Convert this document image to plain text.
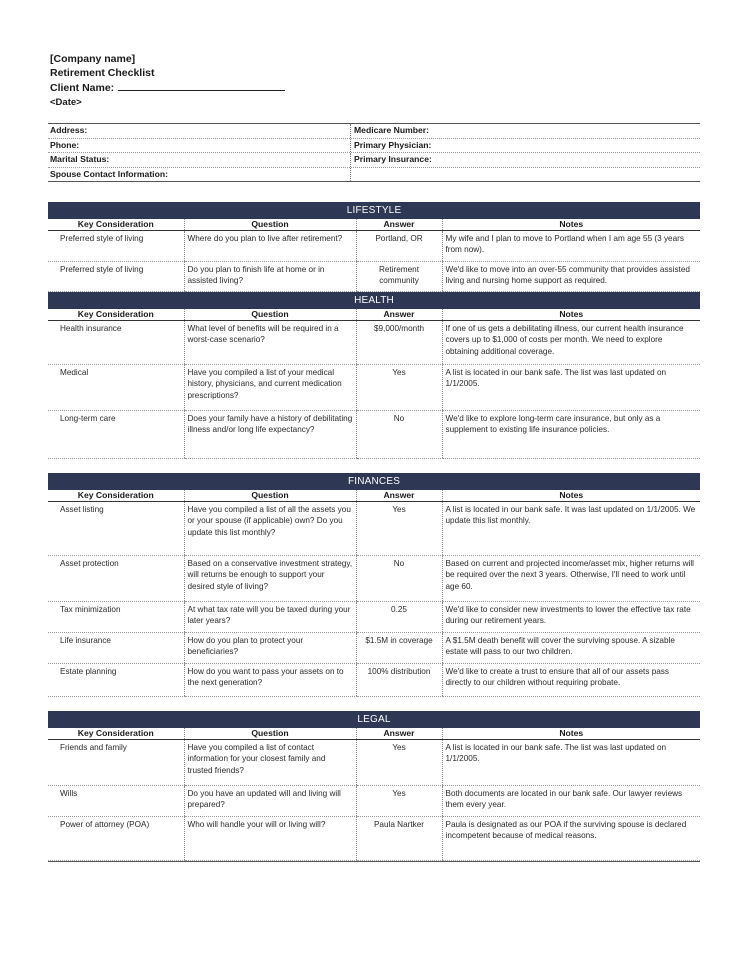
[Company name]
Retirement Checklist
Client Name:
<Date>
Address:	Medicare Number:
Phone:	Primary Physician:
Marital Status:	Primary Insurance:
Spouse Contact Information:
LIFESTYLE			
Key Consideration	Question	Answer	Notes
Preferred style of living	Where do you plan to live after retirement?	Portland, OR	My wife and I plan to move to Portland when I am age 55 (3 years from now).
Preferred style of living	Do you plan to finish life at home or in assisted living?	Retirement community	We'd like to move into an over-55 community that provides assisted living and nursing home support as required.
HEALTH			
Key Consideration	Question	Answer	Notes
Health insurance	What level of benefits will be required in a worst-case scenario?	$9,000/month	If one of us gets a debilitating illness, our current health insurance covers up to $1,000 of costs per month. We need to explore obtaining additional coverage.
Medical	Have you compiled a list of your medical history, physicians, and current medication prescriptions?	Yes	A list is located in our bank safe. The list was last updated on 1/1/2005.
Long-term care	Does your family have a history of debilitating illness and/or long life expectancy?	No	We'd like to explore long-term care insurance, but only as a supplement to existing life insurance policies.

FINANCES			
Key Consideration	Question	Answer	Notes
Asset listing	Have you compiled a list of all the assets you or your spouse (if applicable) own? Do you update this list monthly?	Yes	A list is located in our bank safe. It was last updated on 1/1/2005. We update this list monthly.
Asset protection	Based on a conservative investment strategy, will returns be enough to support your desired style of living?	No	Based on current and projected income/asset mix, higher returns will be required over the next 3 years. Otherwise, I'll need to work until age 60.
Tax minimization	At what tax rate will you be taxed during your later years?	0.25	We'd like to consider new investments to lower the effective tax rate during our retirement years.
Life insurance	How do you plan to protect your beneficiaries?	$1.5M in coverage	A $1.5M death benefit will cover the surviving spouse. A sizable estate will pass to our two children.
Estate planning	How do you want to pass your assets on to the next generation?	100% distribution	We'd like to create a trust to ensure that all of our assets pass directly to our children without requiring probate.

LEGAL			
Key Consideration	Question	Answer	Notes
Friends and family	Have you compiled a list of contact information for your closest family and trusted friends?	Yes	A list is located in our bank safe. The list was last updated on 1/1/2005.
Wills	Do you have an updated will and living will prepared?	Yes	Both documents are located in our bank safe. Our lawyer reviews them every year.
Power of attorney (POA)	Who will handle your will or living will?	Paula Nartker	Paula is designated as our POA if the surviving spouse is declared incompetent because of medical reasons.
